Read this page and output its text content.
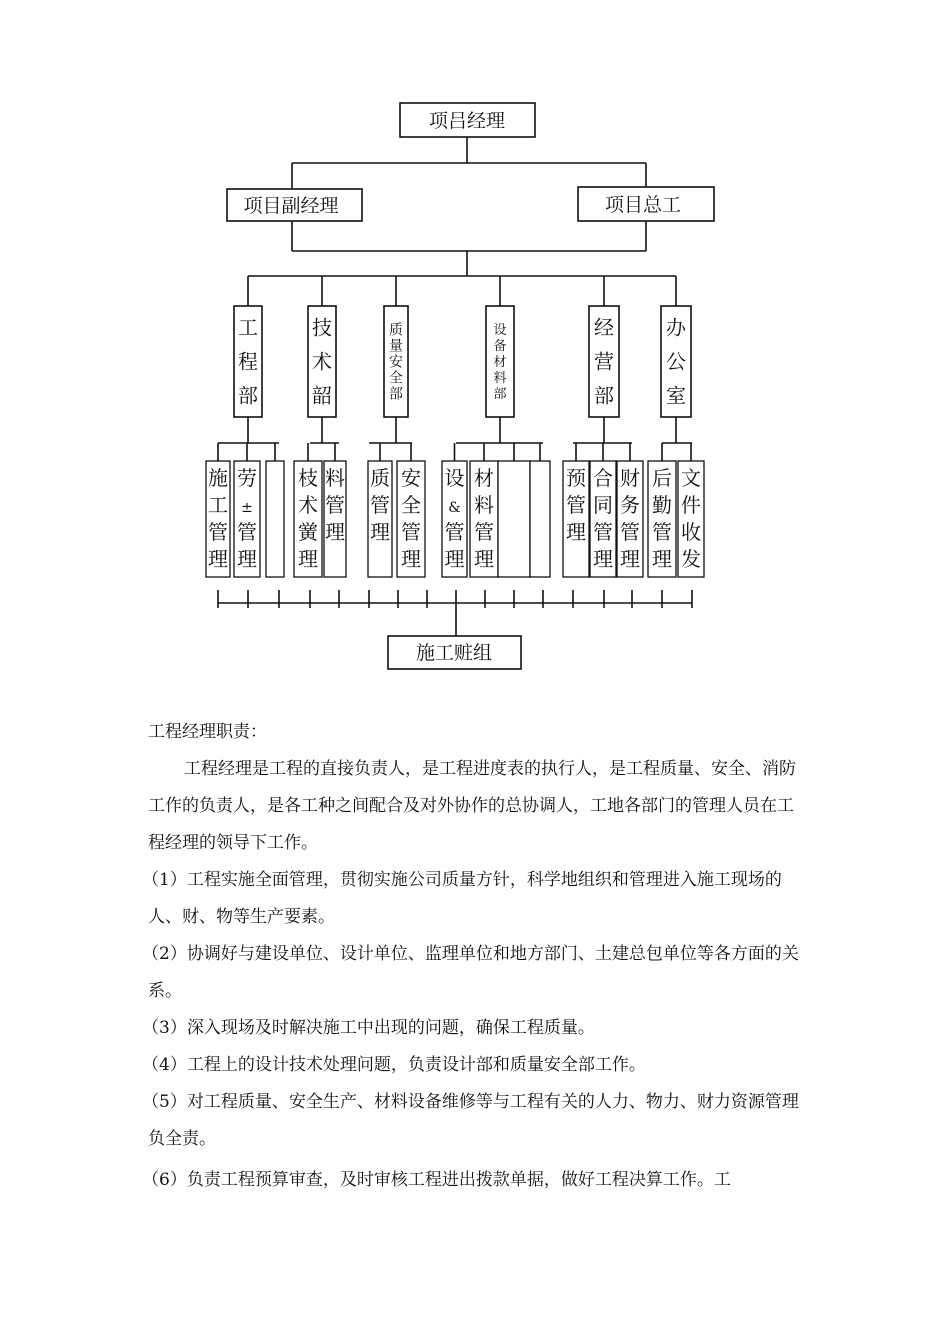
项吕经理
项目副经理	项目总工
工
程
部
技
术
韶
质
量
安
全
部
设
备
材
料
部
经
营
部
办
公
室
施
工
管
理
劳
±
管
理
枝
术
黉
理
料
管
理
质
管
理
安
全
管
理
设
&
管
理
材
料
管
理
预
管
理
合
同
管
理
财
务
管
理
后
勤
管
理
文
件
收
发
施工赃组

工程经理职责：

工程经理是工程的直接负责人，是工程进度表的执行人，是工程质量、安全、消防工作的负责人，是各工种之间配合及对外协作的总协调人，工地各部门的管理人员在工程经理的领导下工作。

（1）工程实施全面管理，贯彻实施公司质量方针，科学地组织和管理进入施工现场的人、财、物等生产要素。

（2）协调好与建设单位、设计单位、监理单位和地方部门、土建总包单位等各方面的关系。

（3）深入现场及时解决施工中出现的问题，确保工程质量。

（4）工程上的设计技术处理问题，负责设计部和质量安全部工作。

（5）对工程质量、安全生产、材料设备维修等与工程有关的人力、物力、财力资源管理负全责。

（6）负责工程预算审查，及时审核工程进出拨款单据，做好工程决算工作。工
